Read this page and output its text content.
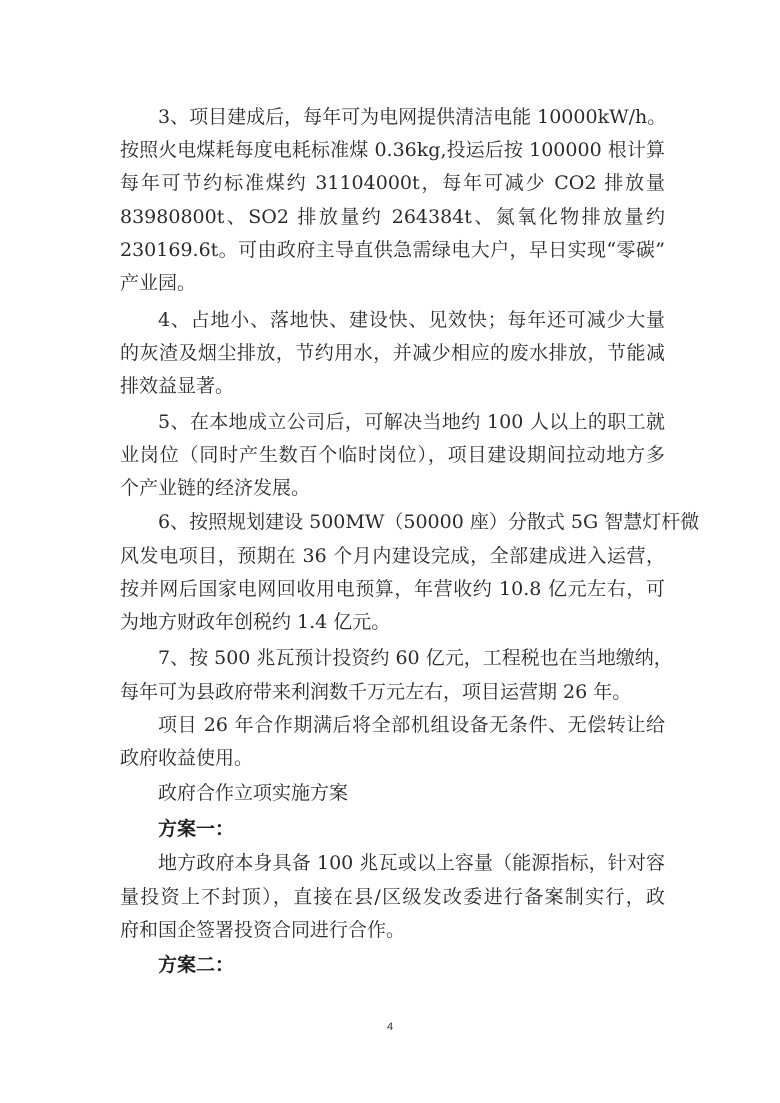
3、项目建成后，每年可为电网提供清洁电能 10000kW/h。
按照火电煤耗每度电耗标准煤 0.36kg,投运后按 100000 根计算
每年可节约标准煤约 31104000t，每年可减少 CO2 排放量
83980800t、SO2 排放量约 264384t、氮氧化物排放量约
230169.6t。可由政府主导直供急需绿电大户，早日实现“零碳”
产业园。
4、占地小、落地快、建设快、见效快；每年还可减少大量
的灰渣及烟尘排放，节约用水，并减少相应的废水排放，节能减
排效益显著。
5、在本地成立公司后，可解决当地约 100 人以上的职工就
业岗位（同时产生数百个临时岗位），项目建设期间拉动地方多
个产业链的经济发展。
6、按照规划建设 500MW（50000 座）分散式 5G 智慧灯杆微
风发电项目，预期在 36 个月内建设完成，全部建成进入运营，
按并网后国家电网回收用电预算，年营收约 10.8 亿元左右，可
为地方财政年创税约 1.4 亿元。
7、按 500 兆瓦预计投资约 60 亿元，工程税也在当地缴纳，
每年可为县政府带来利润数千万元左右，项目运营期 26 年。
项目 26 年合作期满后将全部机组设备无条件、无偿转让给
政府收益使用。
政府合作立项实施方案
方案一：
地方政府本身具备 100 兆瓦或以上容量（能源指标，针对容
量投资上不封顶），直接在县/区级发改委进行备案制实行，政
府和国企签署投资合同进行合作。
方案二：
4
